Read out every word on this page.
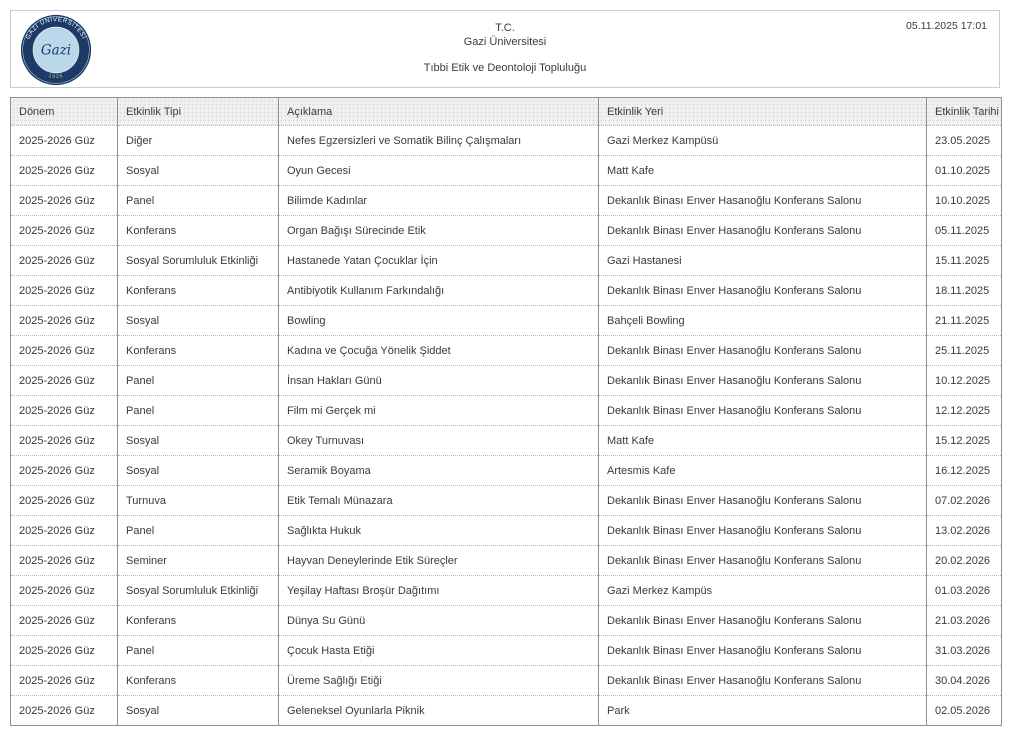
GAZİ ÜNİVERSİTESİ
1926
Gazi
T.C.
Gazi Üniversitesi
Tıbbi Etik ve Deontoloji Topluluğu
05.11.2025 17:01
Dönem	Etkinlik Tipi	Açıklama	Etkinlik Yeri	Etkinlik Tarihi
2025-2026 Güz	Diğer	Nefes Egzersizleri ve Somatik Bilinç Çalışmaları	Gazi Merkez Kampüsü	23.05.2025
2025-2026 Güz	Sosyal	Oyun Gecesi	Matt Kafe	01.10.2025
2025-2026 Güz	Panel	Bilimde Kadınlar	Dekanlık Binası Enver Hasanoğlu Konferans Salonu	10.10.2025
2025-2026 Güz	Konferans	Organ Bağışı Sürecinde Etik	Dekanlık Binası Enver Hasanoğlu Konferans Salonu	05.11.2025
2025-2026 Güz	Sosyal Sorumluluk Etkinliği	Hastanede Yatan Çocuklar İçin	Gazi Hastanesi	15.11.2025
2025-2026 Güz	Konferans	Antibiyotik Kullanım Farkındalığı	Dekanlık Binası Enver Hasanoğlu Konferans Salonu	18.11.2025
2025-2026 Güz	Sosyal	Bowling	Bahçeli Bowling	21.11.2025
2025-2026 Güz	Konferans	Kadına ve Çocuğa Yönelik Şiddet	Dekanlık Binası Enver Hasanoğlu Konferans Salonu	25.11.2025
2025-2026 Güz	Panel	İnsan Hakları Günü	Dekanlık Binası Enver Hasanoğlu Konferans Salonu	10.12.2025
2025-2026 Güz	Panel	Film mi Gerçek mi	Dekanlık Binası Enver Hasanoğlu Konferans Salonu	12.12.2025
2025-2026 Güz	Sosyal	Okey Turnuvası	Matt Kafe	15.12.2025
2025-2026 Güz	Sosyal	Seramik Boyama	Artesmis Kafe	16.12.2025
2025-2026 Güz	Turnuva	Etik Temalı Münazara	Dekanlık Binası Enver Hasanoğlu Konferans Salonu	07.02.2026
2025-2026 Güz	Panel	Sağlıkta Hukuk	Dekanlık Binası Enver Hasanoğlu Konferans Salonu	13.02.2026
2025-2026 Güz	Seminer	Hayvan Deneylerinde Etik Süreçler	Dekanlık Binası Enver Hasanoğlu Konferans Salonu	20.02.2026
2025-2026 Güz	Sosyal Sorumluluk Etkinliği	Yeşilay Haftası Broşür Dağıtımı	Gazi Merkez Kampüs	01.03.2026
2025-2026 Güz	Konferans	Dünya Su Günü	Dekanlık Binası Enver Hasanoğlu Konferans Salonu	21.03.2026
2025-2026 Güz	Panel	Çocuk Hasta Etiği	Dekanlık Binası Enver Hasanoğlu Konferans Salonu	31.03.2026
2025-2026 Güz	Konferans	Üreme Sağlığı Etiği	Dekanlık Binası Enver Hasanoğlu Konferans Salonu	30.04.2026
2025-2026 Güz	Sosyal	Geleneksel Oyunlarla Piknik	Park	02.05.2026
